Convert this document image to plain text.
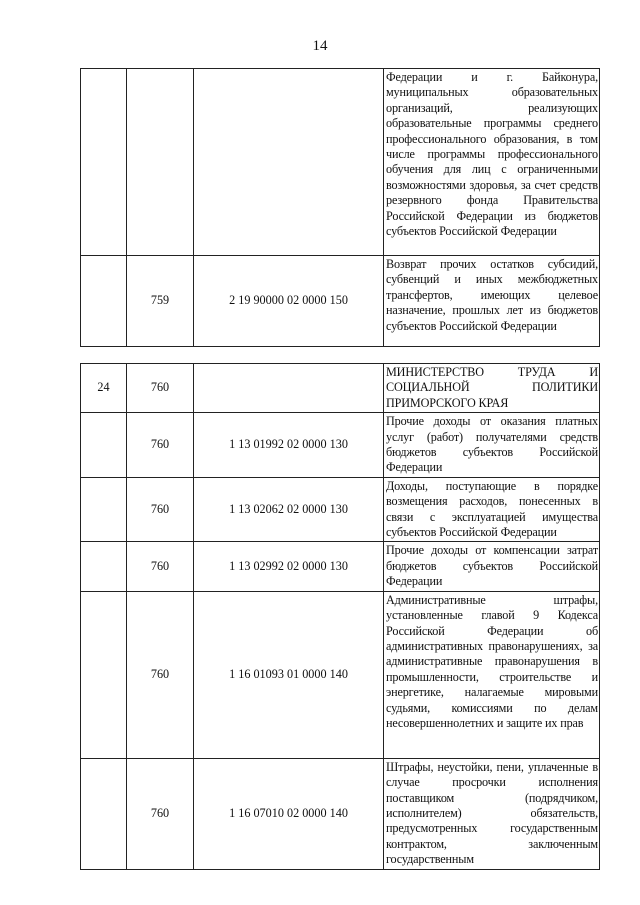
14
			Федерации и г. Байконура, муниципальных образовательных организаций, реализующих образовательные программы среднего профессионального образования, в том числе программы профессионального обучения для лиц с ограниченными возможностями здоровья, за счет средств резервного фонда Правительства Российской Федерации из бюджетов субъектов Российской Федерации
	759	2 19 90000 02 0000 150	Возврат прочих остатков субсидий, субвенций и иных межбюджетных трансфертов, имеющих целевое назначение, прошлых лет из бюджетов субъектов Российской Федерации
24	760		МИНИСТЕРСТВО ТРУДА И СОЦИАЛЬНОЙ ПОЛИТИКИ ПРИМОРСКОГО КРАЯ
	760	1 13 01992 02 0000 130	Прочие доходы от оказания платных услуг (работ) получателями средств бюджетов субъектов Российской Федерации
	760	1 13 02062 02 0000 130	Доходы, поступающие в порядке возмещения расходов, понесенных в связи с эксплуатацией имущества субъектов Российской Федерации
	760	1 13 02992 02 0000 130	Прочие доходы от компенсации затрат бюджетов субъектов Российской Федерации
	760	1 16 01093 01 0000 140	Административные штрафы, установленные главой 9 Кодекса Российской Федерации об административных правонарушениях, за административные правонарушения в промышленности, строительстве и энергетике, налагаемые мировыми судьями, комиссиями по делам несовершеннолетних и защите их прав
	760	1 16 07010 02 0000 140	Штрафы, неустойки, пени, уплаченные в случае просрочки исполнения поставщиком (подрядчиком, исполнителем) обязательств, предусмотренных государственным контрактом, заключенным государственным
